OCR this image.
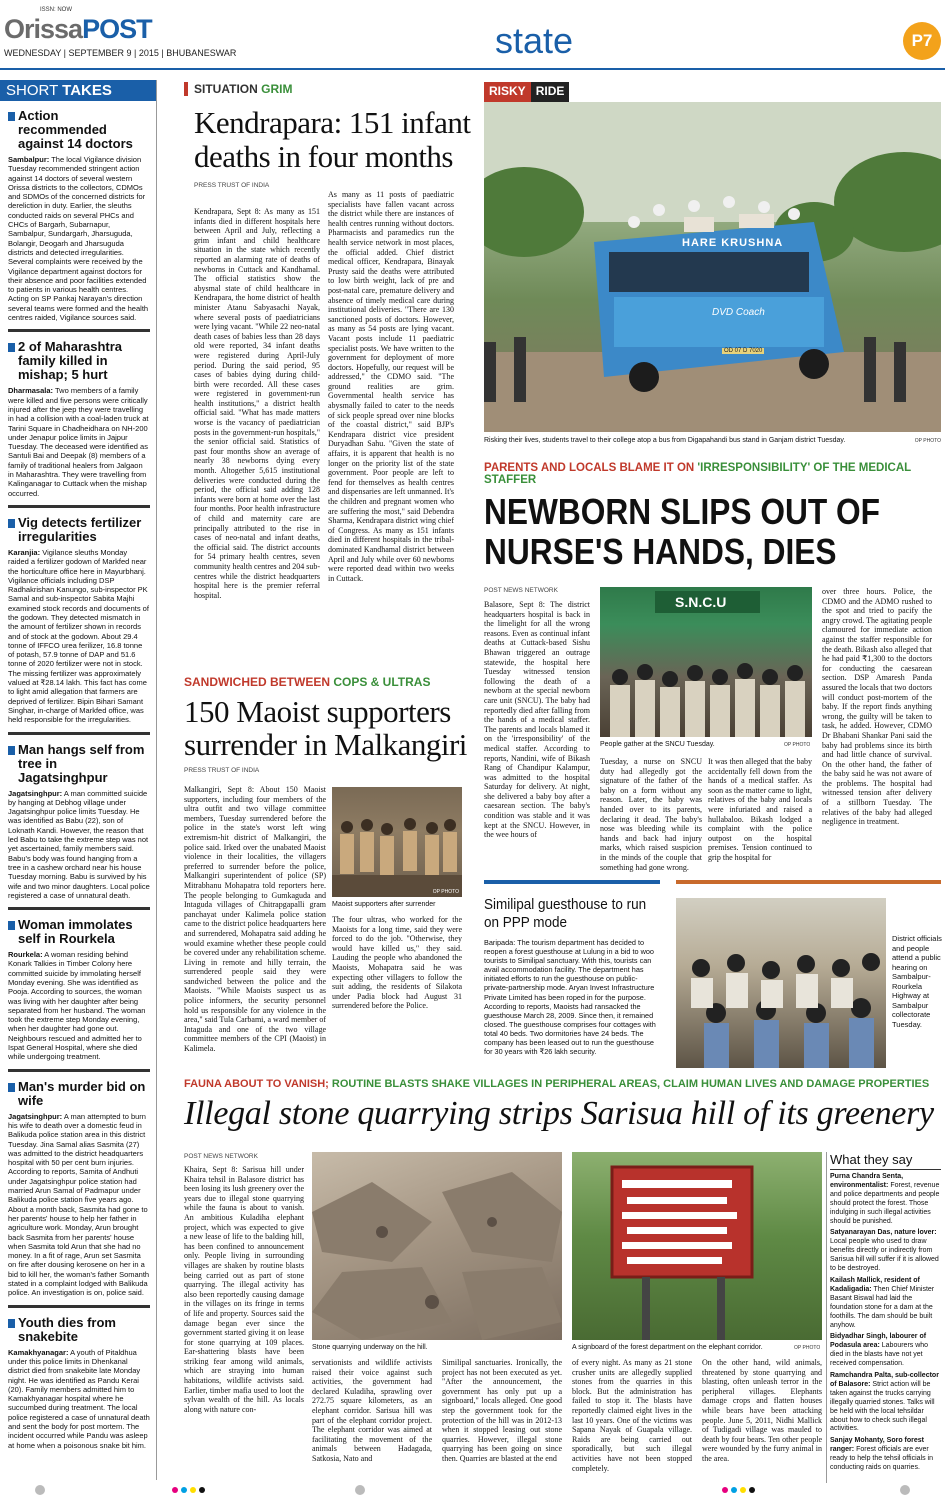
ISSN: NOW
OrissaPOST
WEDNESDAY | SEPTEMBER 9 | 2015 | BHUBANESWAR	state	P7
SHORT TAKES
Action recommended against 14 doctors

Sambalpur: The local Vigilance division Tuesday recommended stringent action against 14 doctors of several western Orissa districts to the collectors, CDMOs and SDMOs of the concerned districts for dereliction in duty. Earlier, the sleuths conducted raids on several PHCs and CHCs of Bargarh, Subarnapur, Sambalpur, Sundargarh, Jharsuguda, Bolangir, Deogarh and Jharsuguda districts and detected irregularities. Several complaints were received by the Vigilance department against doctors for their absence and poor facilities extended to patients in various health centres. Acting on SP Pankaj Narayan's direction several teams were formed and the health centres raided, Vigilance sources said.

2 of Maharashtra family killed in mishap; 5 hurt

Dharmasala: Two members of a family were killed and five persons were critically injured after the jeep they were travelling in had a collision with a coal-laden truck at Tarini Square in Chadheidhara on NH-200 under Jenapur police limits in Jajpur Tuesday. The deceased were identified as Santuli Bai and Deepak (8) members of a family of traditional healers from Jalgaon in Maharashtra. They were travelling from Kalinganagar to Cuttack when the mishap occurred.

Vig detects fertilizer irregularities

Karanjia: Vigilance sleuths Monday raided a fertilizer godown of Markfed near the horticulture office here in Mayurbhanj. Vigilance officials including DSP Radhakrishan Kanungo, sub-inspector PK Samal and sub-inspector Sabita Majhi examined stock records and documents of the godown. They detected mismatch in the amount of fertilizer shown in records and of stock at the godown. About 29.4 tonne of IFFCO urea ferilizer, 16.8 tonne of potash, 57.9 tonne of DAP and 51.6 tonne of 2020 fertilizer were not in stock. The missing fertilizer was approximately valued at ₹28.14 lakh. This fact has come to light amid allegation that farmers are deprived of fertilizer. Bipin Bihari Samant Singhar, in-charge of Markfed office, was held responsible for the irregularities.

Man hangs self from tree in Jagatsinghpur

Jagatsinghpur: A man committed suicide by hanging at Debhog village under Jagatsinghpur police limits Tuesday. He was identified as Babu (22), son of Loknath Kandi. However, the reason that led Babu to take the extreme step was not yet ascertained, family members said. Babu's body was found hanging from a tree in a cashew orchard near his house Tuesday morning. Babu is survived by his wife and two minor daughters. Local police registered a case of unnatural death.

Woman immolates self in Rourkela

Rourkela: A woman residing behind Konark Talkies in Timber Colony here committed suicide by immolating herself Monday evening. She was identified as Pooja. According to sources, the woman was living with her daughter after being separated from her husband. The woman took the extreme step Monday evening, when her daughter had gone out. Neighbours rescued and admitted her to Ispat General Hospital, where she died while undergoing treatment.

Man's murder bid on wife

Jagatsinghpur: A man attempted to burn his wife to death over a domestic feud in Balikuda police station area in this district Tuesday. Jina Samal alias Sasmita (27) was admitted to the district headquarters hospital with 50 per cent burn injuries. According to reports, Samita of Andhuti under Jagatsinghpur police station had married Arun Samal of Padmapur under Balikuda police station five years ago. About a month back, Sasmita had gone to her parents' house to help her father in agriculture work. Monday, Arun brought back Sasmita from her parents' house when Sasmita told Arun that she had no money. In a fit of rage, Arun set Sasmita on fire after dousing kerosene on her in a bid to kill her, the woman's father Somanth stated in a complaint lodged with Balikuda police. An investigation is on, police said.

Youth dies from snakebite

Kamakhyanagar: A youth of Pitaldhua under this police limits in Dhenkanal district died from snakebite late Monday night. He was identified as Pandu Kerai (20). Family members admitted him to Kamakhyanagar hospital where he succumbed during treatment. The local police registered a case of unnatural death and sent the body for post mortem. The incident occurred while Pandu was asleep at home when a poisonous snake bit him.

SITUATION GRIM
Kendrapara: 151 infant deaths in four months
PRESS TRUST OF INDIA
Kendrapara, Sept 8: As many as 151 infants died in different hospitals here between April and July, reflecting a grim infant and child healthcare situation in the state which recently reported an alarming rate of deaths of newborns in Cuttack and Kandhamal. The official statistics show the abysmal state of child healthcare in Kendrapara, the home district of health minister Atanu Sabyasachi Nayak, where several posts of paediatricians were lying vacant. "While 22 neo-natal death cases of babies less than 28 days old were reported, 34 infant deaths were registered during April-July period. During the said period, 95 cases of babies dying during child-birth were recorded. All these cases were registered in government-run health institutions," a district health official said. "What has made matters worse is the vacancy of paediatrician posts in the government-run hospitals," the senior official said. Statistics of past four months show an average of nearly 38 newborns dying every month. Altogether 5,615 institutional deliveries were conducted during the period, the official said adding 128 infants were born at home over the last four months. Poor health infrastructure of child and maternity care are principally attributed to the rise in cases of neo-natal and infant deaths, the official said. The district accounts for 54 primary health centres, seven community health centres and 204 sub-centres while the district headquarters hospital here is the premier referral hospital.
As many as 11 posts of paediatric specialists have fallen vacant across the district while there are instances of health centres running without doctors. Pharmacists and paramedics run the health service network in most places, the official added. Chief district medical officer, Kendrapara, Binayak Prusty said the deaths were attributed to low birth weight, lack of pre and post-natal care, premature delivery and absence of timely medical care during institutional deliveries. "There are 130 sanctioned posts of doctors. However, as many as 54 posts are lying vacant. Vacant posts include 11 paediatric specialist posts. We have written to the government for deployment of more doctors. Hopefully, our request will be addressed," the CDMO said. "The ground realities are grim. Governmental health service has abysmally failed to cater to the needs of sick people spread over nine blocks of the coastal district," said BJP's Kendrapara district vice president Duryadhan Sahu. "Given the state of affairs, it is apparent that health is no longer on the priority list of the state government. Poor people are left to fend for themselves as health centres and dispensaries are left unmanned. It's the children and pregnant women who are suffering the most," said Debendra Sharma, Kendrapara district wing chief of Congress. As many as 151 infants died in different hospitals in the tribal-dominated Kandhamal district between April and July while over 60 newborns were reported dead within two weeks in Cuttack.
SANDWICHED BETWEEN COPS & ULTRAS
150 Maoist supporters surrender in Malkangiri
PRESS TRUST OF INDIA
Malkangiri, Sept 8: About 150 Maoist supporters, including four members of the ultra outfit and two village committee members, Tuesday surrendered before the police in the state's worst left wing extremism-hit district of Malkangiri, the police said. Irked over the unabated Maoist violence in their localities, the villagers preferred to surrender before the police, Malkangiri superintendent of police (SP) Mitrabhanu Mohapatra told reporters here. The people belonging to Gumkaguda and Intaguda villages of Chitrapgapalli gram panchayat under Kalimela police station came to the district police headquarters here and surrendered, Mohapatra said adding he would examine whether these people could be covered under any rehabilitation scheme. Living in remote and hilly terrain, the surrendered people said they were sandwiched between the police and the Maoists. "While Maoists suspect us as police informers, the security personnel hold us responsible for any violence in the area," said Tula Carbami, a ward member of Intaguda and one of the two village committee members of the CPI (Maoist) in Kalimela.
OP PHOTO
Maoist supporters after surrender
The four ultras, who worked for the Maoists for a long time, said they were forced to do the job. "Otherwise, they would have killed us," they said. Lauding the people who abandoned the Maoists, Mohapatra said he was expecting other villagers to follow the suit adding, the residents of Silakota under Padia block had August 31 surrendered before the Police.
RISKY RIDE
HARE KRUSHNA
DVD Coach
OD 07 D 7020
Risking their lives, students travel to their college atop a bus from Digapahandi bus stand in Ganjam district Tuesday.	OP PHOTO
PARENTS AND LOCALS BLAME IT ON 'IRRESPONSIBILITY' OF THE MEDICAL STAFFER
NEWBORN SLIPS OUT OF NURSE'S HANDS, DIES
POST NEWS NETWORK
Balasore, Sept 8: The district headquarters hospital is back in the limelight for all the wrong reasons. Even as continual infant deaths at Cuttack-based Sishu Bhawan triggered an outrage statewide, the hospital here Tuesday witnessed tension following the death of a newborn at the special newborn care unit (SNCU). The baby had reportedly died after falling from the hands of a medical staffer. The parents and locals blamed it on the 'irresponsibility' of the medical staffer. According to reports, Nandini, wife of Bikash Rang of Chandipur Kalampur, was admitted to the hospital Saturday for delivery. At night, she delivered a baby boy after a caesarean section. The baby's condition was stable and it was kept at the SNCU. However, in the wee hours of
S.N.C.U
People gather at the SNCU Tuesday.	OP PHOTO
Tuesday, a nurse on SNCU duty had allegedly got the signature of the father of the baby on a form without any reason. Later, the baby was handed over to its parents, declaring it dead. The baby's nose was bleeding while its hands and back had injury marks, which raised suspicion in the minds of the couple that something had gone wrong.
It was then alleged that the baby accidentally fell down from the hands of a medical staffer. As soon as the matter came to light, relatives of the baby and locals were infuriated and raised a hullabaloo. Bikash lodged a complaint with the police outpost on the hospital premises. Tension continued to grip the hospital for
over three hours. Police, the CDMO and the ADMO rushed to the spot and tried to pacify the angry crowd. The agitating people clamoured for immediate action against the staffer responsible for the death. Bikash also alleged that he had paid ₹1,300 to the doctors for conducting the caesarean section. DSP Amaresh Panda assured the locals that two doctors will conduct post-mortem of the baby. If the report finds anything wrong, the guilty will be taken to task, he added. However, CDMO Dr Bhabani Shankar Pani said the baby had problems since its birth and had little chance of survival. On the other hand, the father of the baby said he was not aware of the problems. The hospital had witnessed tension after delivery of a stillborn Tuesday. The relatives of the baby had alleged negligence in treatment.
Similipal guesthouse to run on PPP mode
Baripada: The tourism department has decided to reopen a forest guesthouse at Lulung in a bid to woo tourists to Similipal sanctuary. With this, tourists can avail accommodation facility. The department has initiated efforts to run the guesthouse on public-private-partnership mode. Aryan Invest Infrastructure Private Limited has been roped in for the purpose. According to reports, Maoists had ransacked the guesthouse March 28, 2009. Since then, it remained closed. The guesthouse comprises four cottages with total 40 beds. Two dormitories have 24 beds. The company has been leased out to run the guesthouse for 30 years with ₹26 lakh security.
District officials and people attend a public hearing on Sambalpur-Rourkela Highway at Sambalpur collectorate Tuesday.
FAUNA ABOUT TO VANISH; ROUTINE BLASTS SHAKE VILLAGES IN PERIPHERAL AREAS, CLAIM HUMAN LIVES AND DAMAGE PROPERTIES
Illegal stone quarrying strips Sarisua hill of its greenery
POST NEWS NETWORK
Khaira, Sept 8: Sarisua hill under Khaira tehsil in Balasore district has been losing its lush greenery over the years due to illegal stone quarrying while the fauna is about to vanish. An ambitious Kuladiha elephant project, which was expected to give a new lease of life to the balding hill, has been confined to announcement only. People living in surrounding villages are shaken by routine blasts being carried out as part of stone quarrying. The illegal activity has also been reportedly causing damage in the villages on its fringe in terms of life and property. Sources said the damage began ever since the government started giving it on lease for stone quarrying at 109 places. Ear-shattering blasts have been striking fear among wild animals, which are straying into human habitations, wildlife activists said. Earlier, timber mafia used to loot the sylvan wealth of the hill. As locals along with nature con-
Stone quarrying underway on the hill.	A signboard of the forest department on the elephant corridor.	OP PHOTO
servationists and wildlife activists raised their voice against such activities, the government had declared Kuladiha, sprawling over 272.75 square kilometers, as an elephant corridor. Sarisua hill was part of the elephant corridor project. The elephant corridor was aimed at facilitating the movement of the animals between Hadagada, Satkosia, Nato and
Similipal sanctuaries. Ironically, the project has not been executed as yet. "After the announcement, the government has only put up a signboard," locals alleged. One good step the government took for the protection of the hill was in 2012-13 when it stopped leasing out stone quarries. However, illegal stone quarrying has been going on since then. Quarries are blasted at the end
of every night. As many as 21 stone crusher units are allegedly supplied stones from the quarries in this block. But the administration has failed to stop it. The blasts have reportedly claimed eight lives in the last 10 years. One of the victims was Sapana Nayak of Guapala village. Raids are being carried out sporadically, but such illegal activities have not been stopped completely.
On the other hand, wild animals, threatened by stone quarrying and blasting, often unleash terror in the peripheral villages. Elephants damage crops and flatten houses while bears have been attacking people. June 5, 2011, Nidhi Mallick of Tudigadi village was mauled to death by four bears. Ten other people were wounded by the furry animal in the area.
What they say

Purna Chandra Senta, environmentalist: Forest, revenue and police departments and people should protect the forest. Those indulging in such illegal activities should be punished.

Satyanarayan Das, nature lover: Local people who used to draw benefits directly or indirectly from Sarisua hill will suffer if it is allowed to be destroyed.

Kailash Mallick, resident of Kadaligadia: Then Chief Minister Basant Biswal had laid the foundation stone for a dam at the foothills. The dam should be built anyhow.

Bidyadhar Singh, labourer of Podasula area: Labourers who died in the blasts have not yet received compensation.

Ramchandra Palta, sub-collector of Balasore: Strict action will be taken against the trucks carrying illegally quarried stones. Talks will be held with the local tehsildar about how to check such illegal activities.

Sanjay Mohanty, Soro forest ranger: Forest officials are ever ready to help the tehsil officials in conducting raids on quarries.
